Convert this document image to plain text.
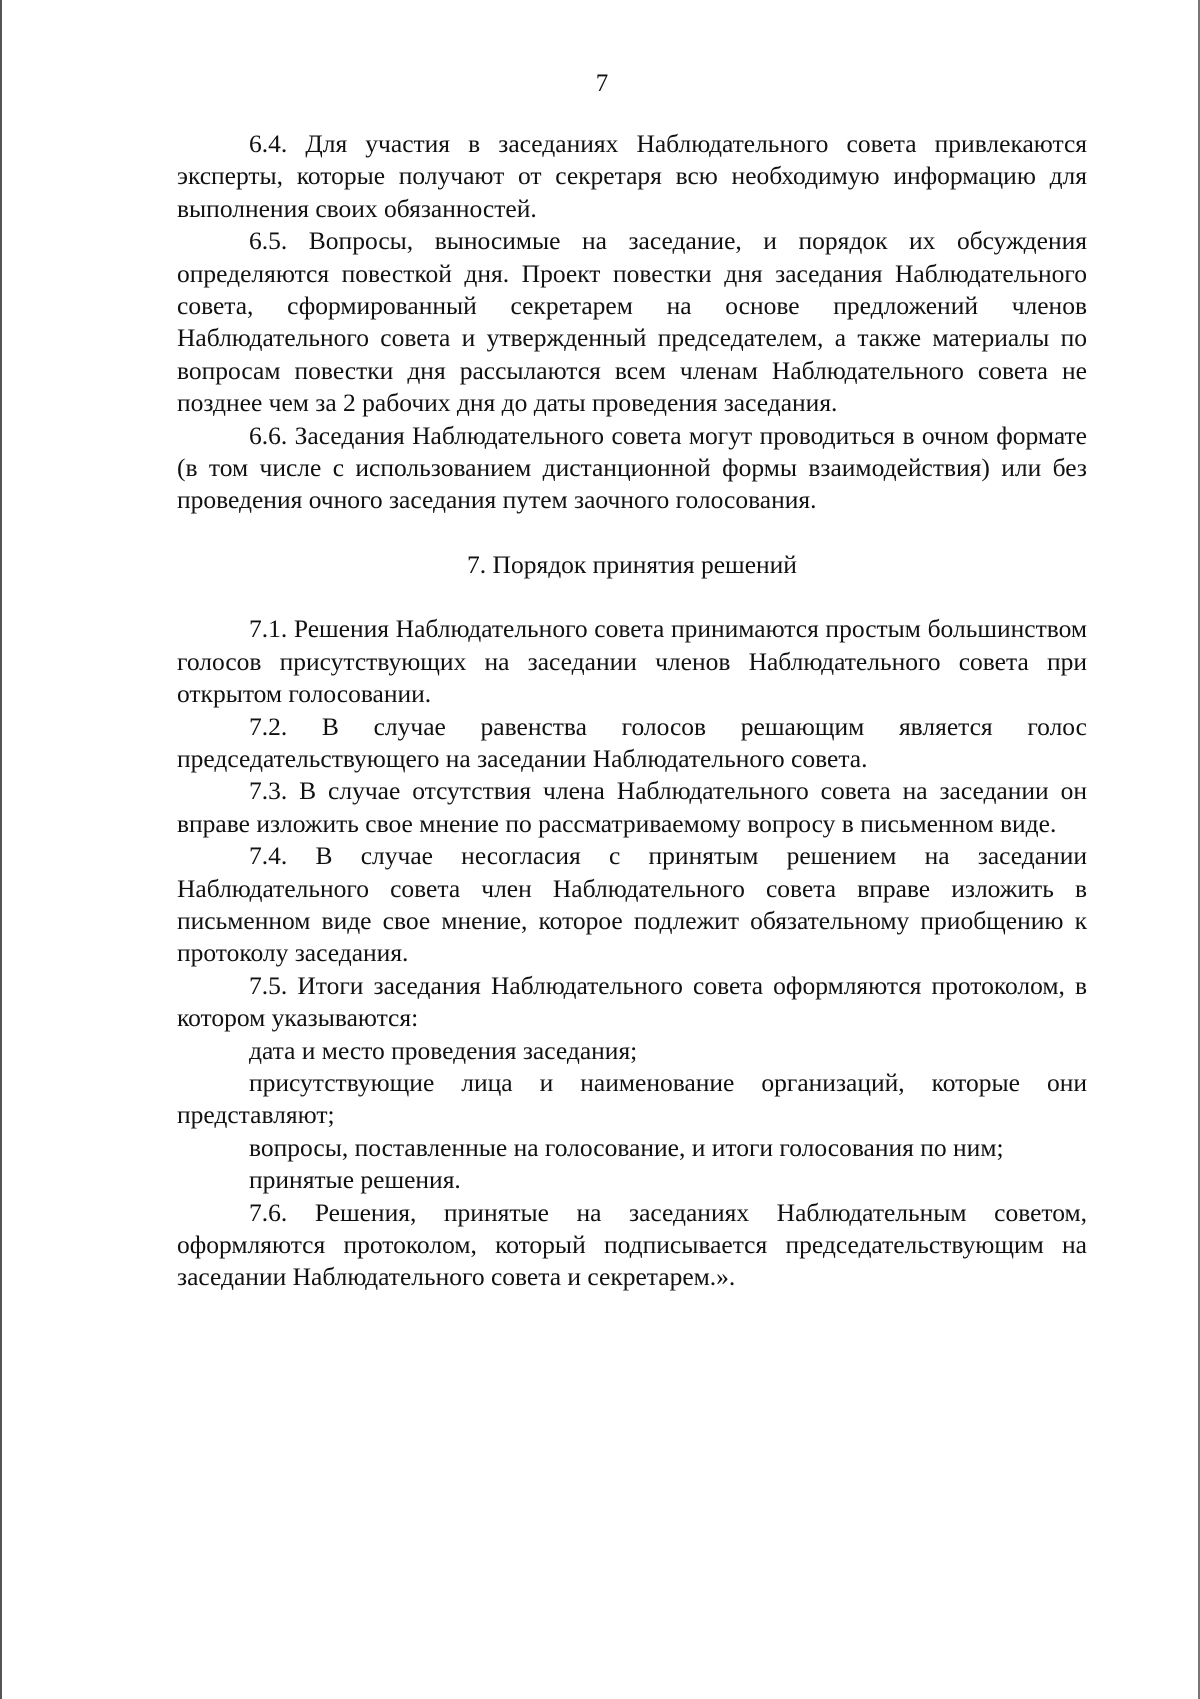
7

6.4. Для участия в заседаниях Наблюдательного совета привлекаются эксперты, которые получают от секретаря всю необходимую информацию для выполнения своих обязанностей.

6.5. Вопросы, выносимые на заседание, и порядок их обсуждения определяются повесткой дня. Проект повестки дня заседания Наблюдательного совета, сформированный секретарем на основе предложений членов Наблюдательного совета и утвержденный председателем, а также материалы по вопросам повестки дня рассылаются всем членам Наблюдательного совета не позднее чем за 2 рабочих дня до даты проведения заседания.

6.6. Заседания Наблюдательного совета могут проводиться в очном формате (в том числе с использованием дистанционной формы взаимодействия) или без проведения очного заседания путем заочного голосования.

7. Порядок принятия решений

7.1. Решения Наблюдательного совета принимаются простым большинством голосов присутствующих на заседании членов Наблюдательного совета при открытом голосовании.

7.2. В случае равенства голосов решающим является голос председательствующего на заседании Наблюдательного совета.

7.3. В случае отсутствия члена Наблюдательного совета на заседании он вправе изложить свое мнение по рассматриваемому вопросу в письменном виде.

7.4. В случае несогласия с принятым решением на заседании Наблюдательного совета член Наблюдательного совета вправе изложить в письменном виде свое мнение, которое подлежит обязательному приобщению к протоколу заседания.

7.5. Итоги заседания Наблюдательного совета оформляются протоколом, в котором указываются:

дата и место проведения заседания;

присутствующие лица и наименование организаций, которые они представляют;

вопросы, поставленные на голосование, и итоги голосования по ним;

принятые решения.

7.6. Решения, принятые на заседаниях Наблюдательным советом, оформляются протоколом, который подписывается председательствующим на заседании Наблюдательного совета и секретарем.».
